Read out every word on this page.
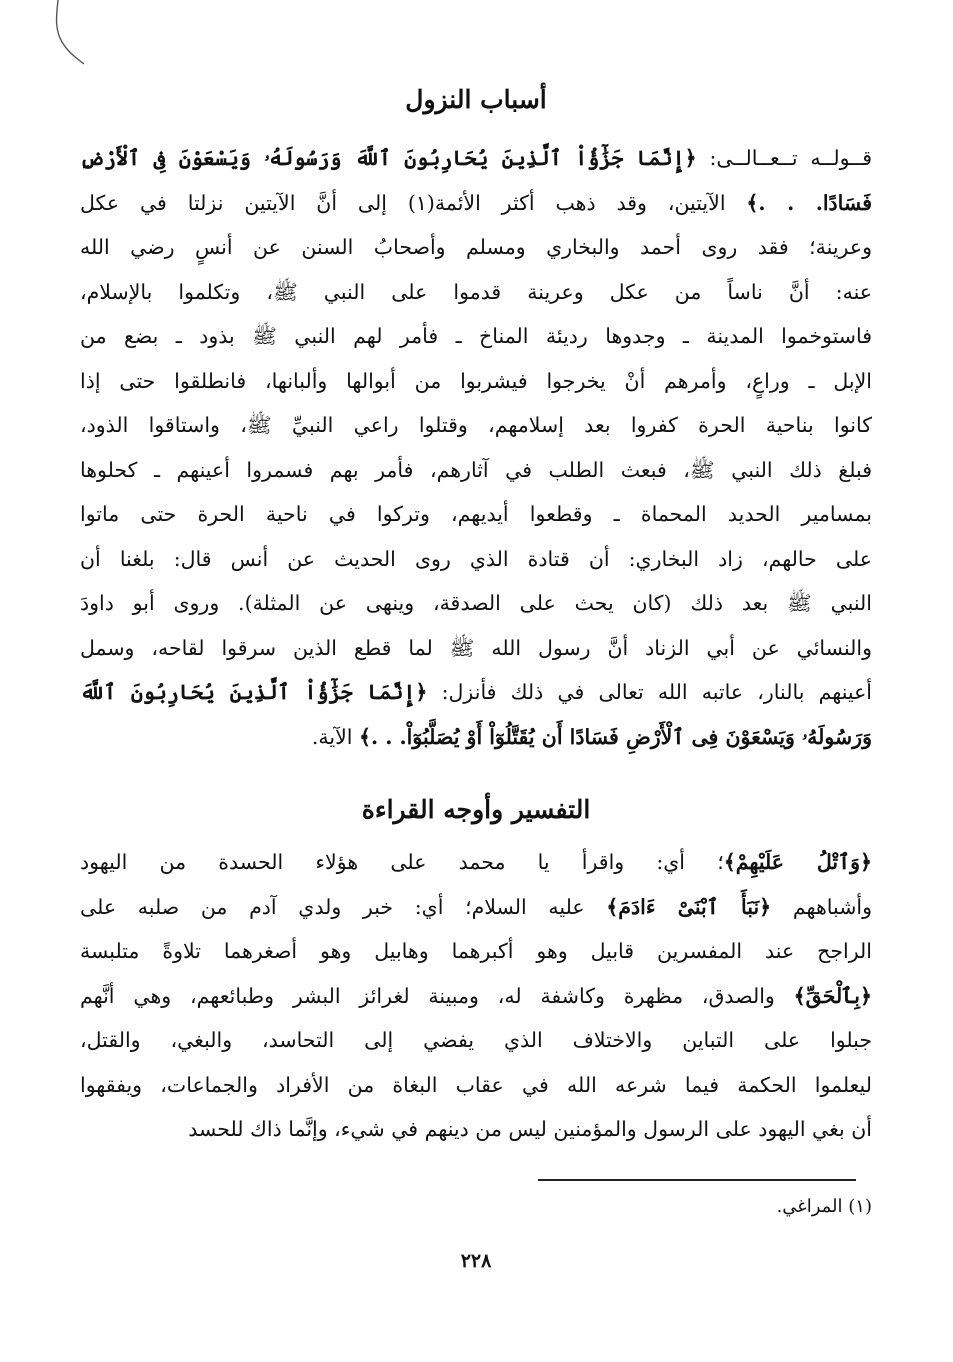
أسباب النزول
قــولــه تــعــالــى: ﴿إِنَّمَا جَزَٰٓؤُاْ ٱلَّذِينَ يُحَارِبُونَ ٱللَّهَ وَرَسُولَهُۥ وَيَسْعَوْنَ فِى ٱلْأَرْضِ
فَسَادًا. . .﴾ الآيتين، وقد ذهب أكثر الأئمة(١) إلى أنَّ الآيتين نزلتا في عكل
وعرينة؛ فقد روى أحمد والبخاري ومسلم وأصحابُ السنن عن أنسٍ رضي الله
عنه: أنَّ ناساً من عكل وعرينة قدموا على النبي ﷺ، وتكلموا بالإسلام،
فاستوخموا المدينة ـ وجدوها رديئة المناخ ـ فأمر لهم النبي ﷺ بذود ـ بضع من
الإبل ـ وراعٍ، وأمرهم أنْ يخرجوا فيشربوا من أبوالها وألبانها، فانطلقوا حتى إذا
كانوا بناحية الحرة كفروا بعد إسلامهم، وقتلوا راعي النبيِّ ﷺ، واستاقوا الذود،
فبلغ ذلك النبي ﷺ، فبعث الطلب في آثارهم، فأمر بهم فسمروا أعينهم ـ كحلوها
بمسامير الحديد المحماة ـ وقطعوا أيديهم، وتركوا في ناحية الحرة حتى ماتوا
على حالهم، زاد البخاري: أن قتادة الذي روى الحديث عن أنس قال: بلغنا أن
النبي ﷺ بعد ذلك (كان يحث على الصدقة، وينهى عن المثلة). وروى أبو داودَ
والنسائي عن أبي الزناد أنَّ رسول الله ﷺ لما قطع الذين سرقوا لقاحه، وسمل
أعينهم بالنار، عاتبه الله تعالى في ذلك فأنزل: ﴿إِنَّمَا جَزَٰٓؤُاْ ٱلَّذِينَ يُحَارِبُونَ ٱللَّهَ
وَرَسُولَهُۥ وَيَسْعَوْنَ فِى ٱلْأَرْضِ فَسَادًا أَن يُقَتَّلُوٓاْ أَوْ يُصَلَّبُوٓاْ. . .﴾ الآية.
التفسير وأوجه القراءة
﴿وَٱتْلُ عَلَيْهِمْ﴾؛ أي: واقرأ يا محمد على هؤلاء الحسدة من اليهود
وأشباههم ﴿نَبَأَ ٱبْنَىْ ءَادَمَ﴾ عليه السلام؛ أي: خبر ولدي آدم من صلبه على
الراجح عند المفسرين قابيل وهو أكبرهما وهابيل وهو أصغرهما تلاوةً متلبسة
﴿بِٱلْحَقِّ﴾ والصدق، مظهرة وكاشفة له، ومبينة لغرائز البشر وطبائعهم، وهي أنَّهم
جبلوا على التباين والاختلاف الذي يفضي إلى التحاسد، والبغي، والقتل،
ليعلموا الحكمة فيما شرعه الله في عقاب البغاة من الأفراد والجماعات، ويفقهوا
أن بغي اليهود على الرسول والمؤمنين ليس من دينهم في شيء، وإنَّما ذاك للحسد
(١) المراغي.
٢٢٨
